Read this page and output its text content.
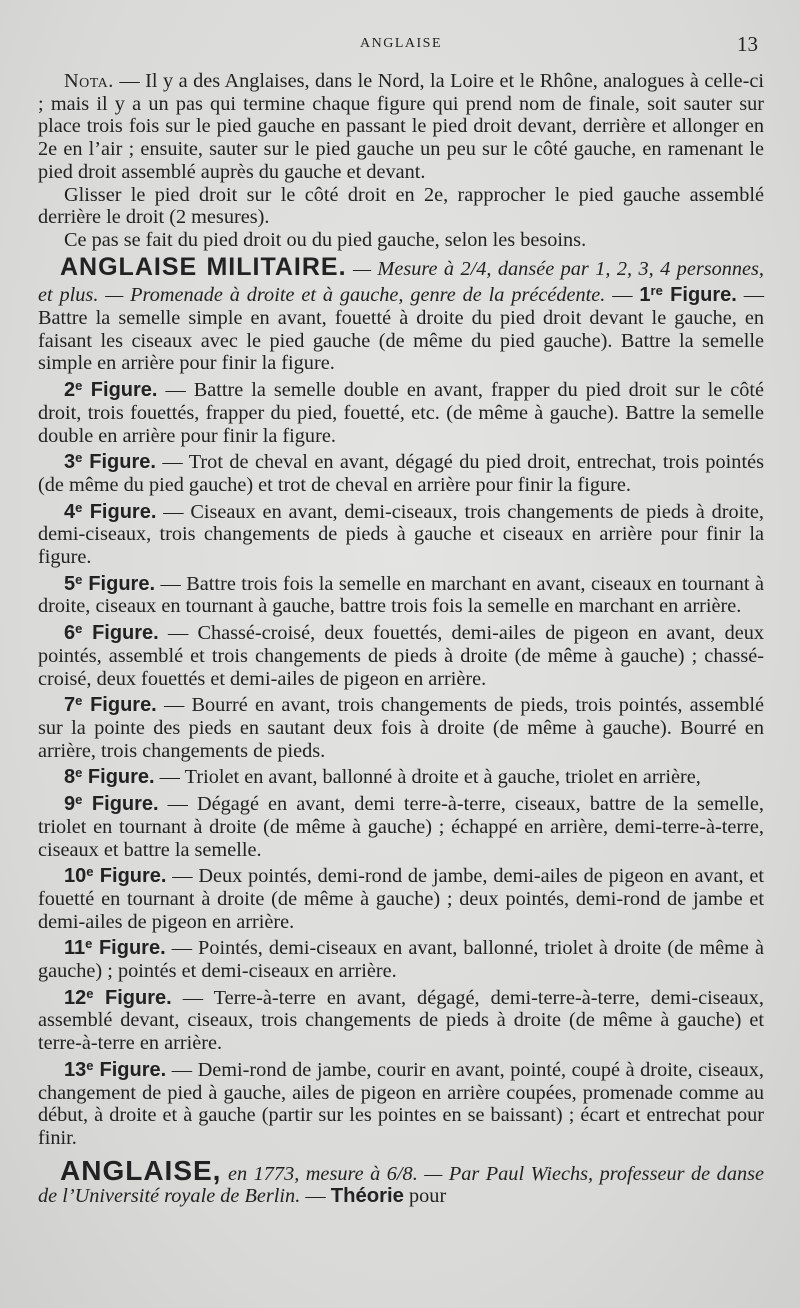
ANGLAISE	13

Nota. — Il y a des Anglaises, dans le Nord, la Loire et le Rhône, analogues à celle-ci ; mais il y a un pas qui termine chaque figure qui prend nom de finale, soit sauter sur place trois fois sur le pied gauche en passant le pied droit devant, derrière et allonger en 2e en l’air ; ensuite, sauter sur le pied gauche un peu sur le côté gauche, en ramenant le pied droit assemblé auprès du gauche et devant.

Glisser le pied droit sur le côté droit en 2e, rapprocher le pied gauche assemblé derrière le droit (2 mesures).

Ce pas se fait du pied droit ou du pied gauche, selon les besoins.

ANGLAISE MILITAIRE. — Mesure à 2/4, dansée par 1, 2, 3, 4 personnes, et plus. — Promenade à droite et à gauche, genre de la précédente. — 1re Figure. — Battre la semelle simple en avant, fouetté à droite du pied droit devant le gauche, en faisant les ciseaux avec le pied gauche (de même du pied gauche). Battre la semelle simple en arrière pour finir la figure.

2e Figure. — Battre la semelle double en avant, frapper du pied droit sur le côté droit, trois fouettés, frapper du pied, fouetté, etc. (de même à gauche). Battre la semelle double en arrière pour finir la figure.

3e Figure. — Trot de cheval en avant, dégagé du pied droit, entrechat, trois pointés (de même du pied gauche) et trot de cheval en arrière pour finir la figure.

4e Figure. — Ciseaux en avant, demi-ciseaux, trois changements de pieds à droite, demi-ciseaux, trois changements de pieds à gauche et ciseaux en arrière pour finir la figure.

5e Figure. — Battre trois fois la semelle en marchant en avant, ciseaux en tournant à droite, ciseaux en tournant à gauche, battre trois fois la semelle en marchant en arrière.

6e Figure. — Chassé-croisé, deux fouettés, demi-ailes de pigeon en avant, deux pointés, assemblé et trois changements de pieds à droite (de même à gauche) ; chassé-croisé, deux fouettés et demi-ailes de pigeon en arrière.

7e Figure. — Bourré en avant, trois changements de pieds, trois pointés, assemblé sur la pointe des pieds en sautant deux fois à droite (de même à gauche). Bourré en arrière, trois changements de pieds.

8e Figure. — Triolet en avant, ballonné à droite et à gauche, triolet en arrière,

9e Figure. — Dégagé en avant, demi terre-à-terre, ciseaux, battre de la semelle, triolet en tournant à droite (de même à gauche) ; échappé en arrière, demi-terre-à-terre, ciseaux et battre la semelle.

10e Figure. — Deux pointés, demi-rond de jambe, demi-ailes de pigeon en avant, et fouetté en tournant à droite (de même à gauche) ; deux pointés, demi-rond de jambe et demi-ailes de pigeon en arrière.

11e Figure. — Pointés, demi-ciseaux en avant, ballonné, triolet à droite (de même à gauche) ; pointés et demi-ciseaux en arrière.

12e Figure. — Terre-à-terre en avant, dégagé, demi-terre-à-terre, demi-ciseaux, assemblé devant, ciseaux, trois changements de pieds à droite (de même à gauche) et terre-à-terre en arrière.

13e Figure. — Demi-rond de jambe, courir en avant, pointé, coupé à droite, ciseaux, changement de pied à gauche, ailes de pigeon en arrière coupées, promenade comme au début, à droite et à gauche (partir sur les pointes en se baissant) ; écart et entrechat pour finir.

ANGLAISE, en 1773, mesure à 6/8. — Par Paul Wiechs, professeur de danse de l’Université royale de Berlin. — Théorie pour
